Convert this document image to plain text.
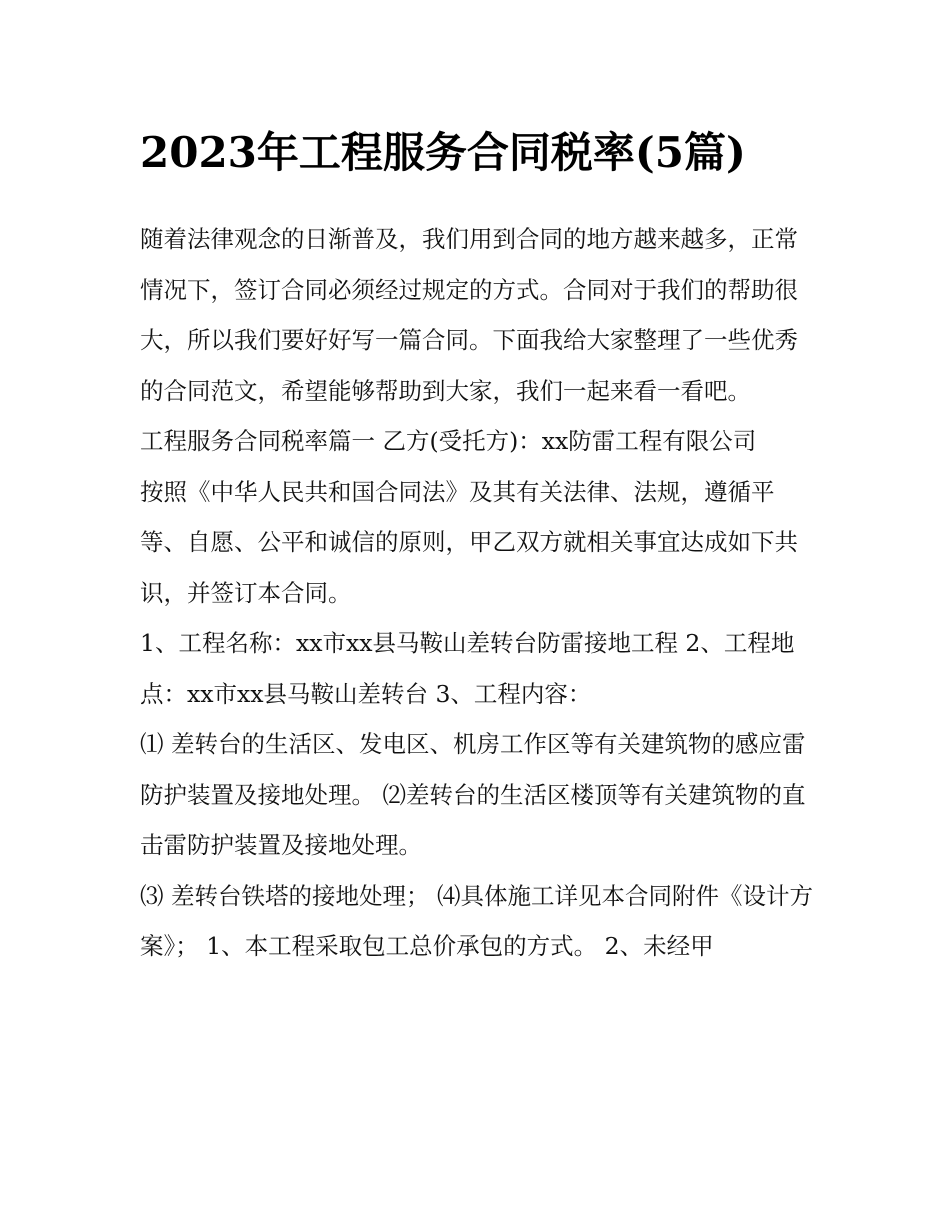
2023年工程服务合同税率(5篇)

随着法律观念的日渐普及，我们用到合同的地方越来越多，正常情况下，签订合同必须经过规定的方式。合同对于我们的帮助很大，所以我们要好好写一篇合同。下面我给大家整理了一些优秀的合同范文，希望能够帮助到大家，我们一起来看一看吧。

工程服务合同税率篇一 乙方(受托方)：xx防雷工程有限公司

按照《中华人民共和国合同法》及其有关法律、法规，遵循平等、自愿、公平和诚信的原则，甲乙双方就相关事宜达成如下共识，并签订本合同。

1、工程名称：xx市xx县马鞍山差转台防雷接地工程 2、工程地点：xx市xx县马鞍山差转台 3、工程内容：

⑴ 差转台的生活区、发电区、机房工作区等有关建筑物的感应雷防护装置及接地处理。 ⑵差转台的生活区楼顶等有关建筑物的直击雷防护装置及接地处理。

⑶ 差转台铁塔的接地处理； ⑷具体施工详见本合同附件《设计方案》； 1、本工程采取包工总价承包的方式。 2、未经甲
